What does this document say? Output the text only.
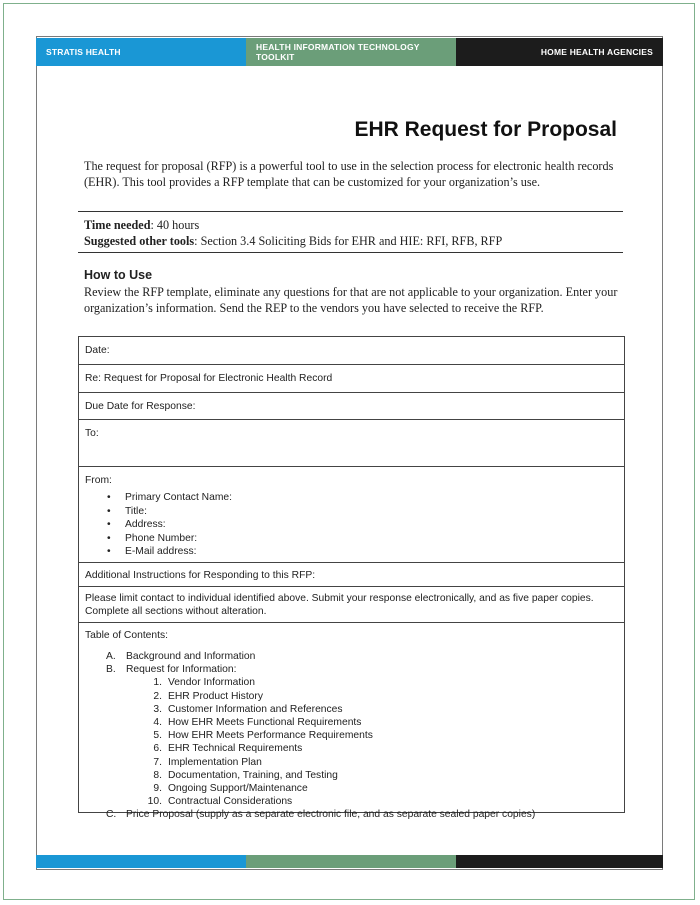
STRATIS HEALTH	HEALTH INFORMATION TECHNOLOGY TOOLKIT	HOME HEALTH AGENCIES
EHR Request for Proposal
The request for proposal (RFP) is a powerful tool to use in the selection process for electronic health records (EHR). This tool provides a RFP template that can be customized for your organization’s use.
Time needed: 40 hours
Suggested other tools: Section 3.4 Soliciting Bids for EHR and HIE: RFI, RFB, RFP
How to Use
Review the RFP template, eliminate any questions for that are not applicable to your organization. Enter your organization’s information. Send the REP to the vendors you have selected to receive the RFP.
Date:
Re: Request for Proposal for Electronic Health Record
Due Date for Response:
To:
From:
• Primary Contact Name:
• Title:
• Address:
• Phone Number:
• E-Mail address:
Additional Instructions for Responding to this RFP:
Please limit contact to individual identified above. Submit your response electronically, and as five paper copies. Complete all sections without alteration.
Table of Contents:
A. Background and Information
B. Request for Information:
1. Vendor Information
2. EHR Product History
3. Customer Information and References
4. How EHR Meets Functional Requirements
5. How EHR Meets Performance Requirements
6. EHR Technical Requirements
7. Implementation Plan
8. Documentation, Training, and Testing
9. Ongoing Support/Maintenance
10. Contractual Considerations
C. Price Proposal (supply as a separate electronic file, and as separate sealed paper copies)
